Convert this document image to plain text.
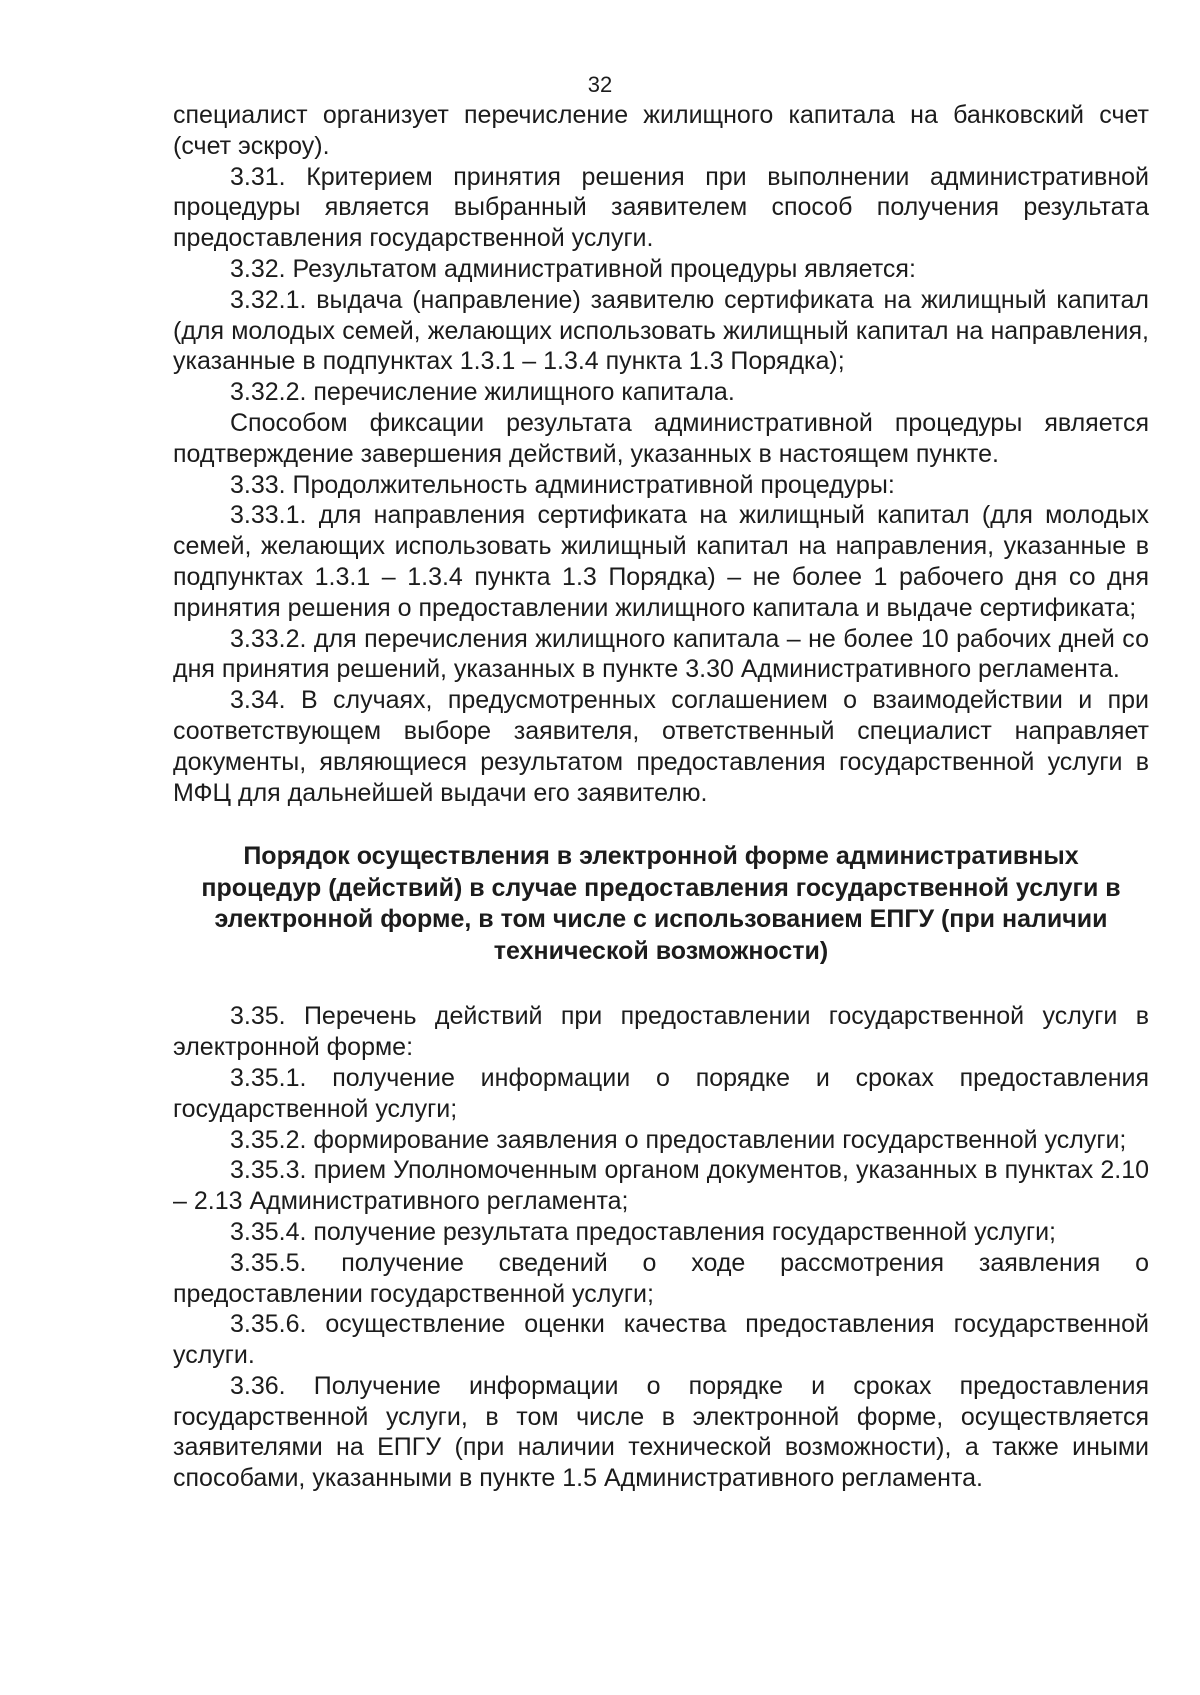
32

специалист организует перечисление жилищного капитала на банковский счет (счет эскроу).

3.31. Критерием принятия решения при выполнении административной процедуры является выбранный заявителем способ получения результата предоставления государственной услуги.

3.32. Результатом административной процедуры является:

3.32.1. выдача (направление) заявителю сертификата на жилищный капитал (для молодых семей, желающих использовать жилищный капитал на направления, указанные в подпунктах 1.3.1 – 1.3.4 пункта 1.3 Порядка);

3.32.2. перечисление жилищного капитала.

Способом фиксации результата административной процедуры является подтверждение завершения действий, указанных в настоящем пункте.

3.33. Продолжительность административной процедуры:

3.33.1. для направления сертификата на жилищный капитал (для молодых семей, желающих использовать жилищный капитал на направления, указанные в подпунктах 1.3.1 – 1.3.4 пункта 1.3 Порядка) – не более 1 рабочего дня со дня принятия решения о предоставлении жилищного капитала и выдаче сертификата;

3.33.2. для перечисления жилищного капитала – не более 10 рабочих дней со дня принятия решений, указанных в пункте 3.30 Административного регламента.

3.34. В случаях, предусмотренных соглашением о взаимодействии и при соответствующем выборе заявителя, ответственный специалист направляет документы, являющиеся результатом предоставления государственной услуги в МФЦ для дальнейшей выдачи его заявителю.

Порядок осуществления в электронной форме административных процедур (действий) в случае предоставления государственной услуги в электронной форме, в том числе с использованием ЕПГУ (при наличии технической возможности)

3.35. Перечень действий при предоставлении государственной услуги в электронной форме:

3.35.1. получение информации о порядке и сроках предоставления государственной услуги;

3.35.2. формирование заявления о предоставлении государственной услуги;

3.35.3. прием Уполномоченным органом документов, указанных в пунктах 2.10 – 2.13 Административного регламента;

3.35.4. получение результата предоставления государственной услуги;

3.35.5. получение сведений о ходе рассмотрения заявления о предоставлении государственной услуги;

3.35.6. осуществление оценки качества предоставления государственной услуги.

3.36. Получение информации о порядке и сроках предоставления государственной услуги, в том числе в электронной форме, осуществляется заявителями на ЕПГУ (при наличии технической возможности), а также иными способами, указанными в пункте 1.5 Административного регламента.
